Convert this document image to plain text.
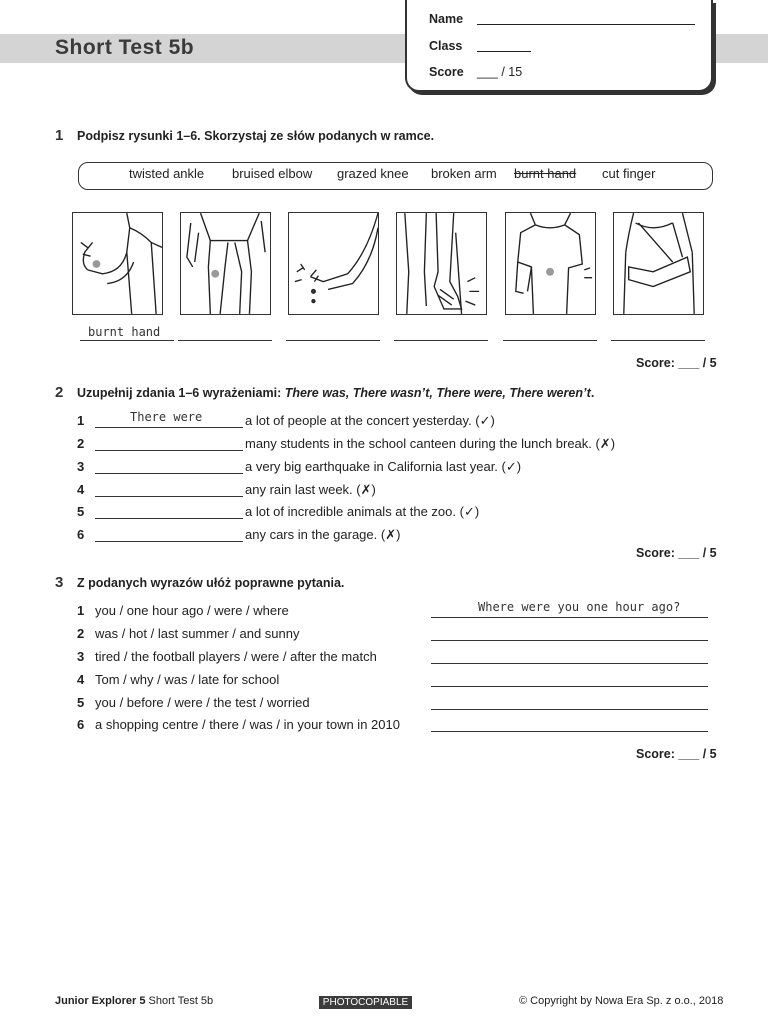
Short Test 5b
Name
Class
Score ___ / 15
1 Podpisz rysunki 1–6. Skorzystaj ze słów podanych w ramce.
twisted ankle bruised elbow grazed knee broken arm burnt hand cut finger
burnt hand
Score: ___ / 5
2 Uzupełnij zdania 1–6 wyrażeniami: There was, There wasn’t, There were, There weren’t.
1	There were	a lot of people at the concert yesterday. (✓)
2	many students in the school canteen during the lunch break. (✗)
3	a very big earthquake in California last year. (✓)
4	any rain last week. (✗)
5	a lot of incredible animals at the zoo. (✓)
6	any cars in the garage. (✗)
Score: ___ / 5
3 Z podanych wyrazów ułóż poprawne pytania.
1 you / one hour ago / were / where	Where were you one hour ago?
2 was / hot / last summer / and sunny
3 tired / the football players / were / after the match
4 Tom / why / was / late for school
5 you / before / were / the test / worried
6 a shopping centre / there / was / in your town in 2010
Score: ___ / 5
Junior Explorer 5 Short Test 5b	PHOTOCOPIABLE	© Copyright by Nowa Era Sp. z o.o., 2018
